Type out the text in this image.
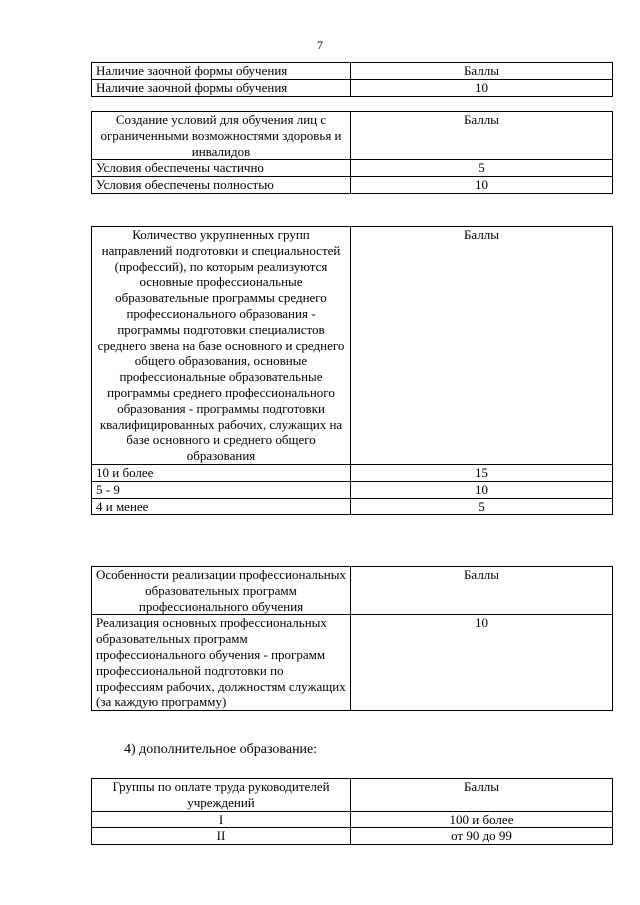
7
Наличие заочной формы обучения	Баллы
Наличие заочной формы обучения	10
Создание условий для обучения лиц с ограниченными возможностями здоровья и инвалидов	Баллы
Условия обеспечены частично	5
Условия обеспечены полностью	10
Количество укрупненных групп направлений подготовки и специальностей (профессий), по которым реализуются основные профессиональные образовательные программы среднего профессионального образования - программы подготовки специалистов среднего звена на базе основного и среднего общего образования, основные профессиональные образовательные программы среднего профессионального образования - программы подготовки квалифицированных рабочих, служащих на базе основного и среднего общего образования	Баллы
10 и более	15
5 - 9	10
4 и менее	5
Особенности реализации профессиональных образовательных программ профессионального обучения	Баллы
Реализация основных профессиональных образовательных программ профессионального обучения - программ профессиональной подготовки по профессиям рабочих, должностям служащих (за каждую программу)	10
4) дополнительное образование:
Группы по оплате труда руководителей учреждений	Баллы
I	100 и более
II	от 90 до 99
